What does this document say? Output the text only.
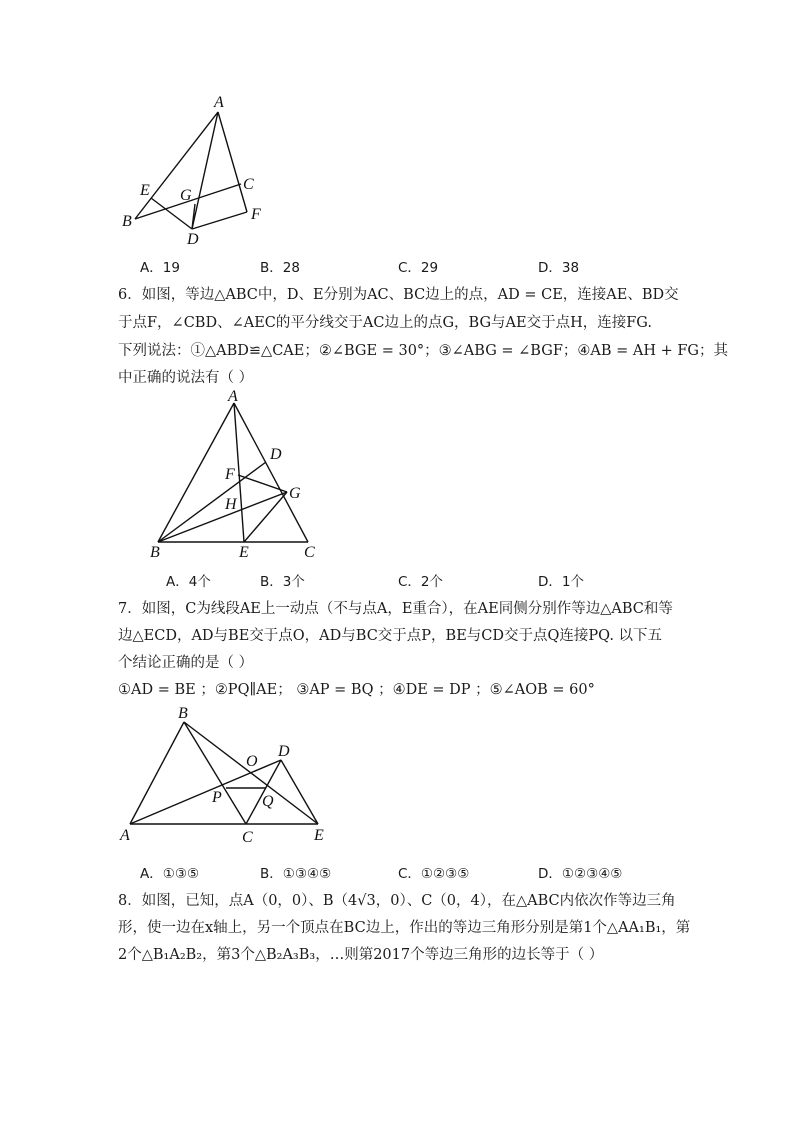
A
B
C
D
E
F
G
A．19	B．28	C．29	D．38
6．如图，等边△ABC中，D、E分别为AC、BC边上的点，AD = CE，连接AE、BD交
于点F，∠CBD、∠AEC的平分线交于AC边上的点G，BG与AE交于点H，连接FG.
下列说法：①△ABD≌△CAE；②∠BGE = 30°；③∠ABG = ∠BGF；④AB = AH + FG；其
中正确的说法有（ ）
A
B	C
D
E
F
G
H
A．4个	B．3个	C．2个	D．1个
7．如图，C为线段AE上一动点（不与点A，E重合），在AE同侧分别作等边△ABC和等
边△ECD，AD与BE交于点O，AD与BC交于点P，BE与CD交于点Q连接PQ. 以下五
个结论正确的是（ ）
①AD = BE ；②PQ∥AE； ③AP = BQ ；④DE = DP ；⑤∠AOB = 60°
A
B
C
D
E
O
P	Q
A．①③⑤	B．①③④⑤	C．①②③⑤	D．①②③④⑤
8．如图，已知，点A（0，0）、B（4√3，0）、C（0，4），在△ABC内依次作等边三角
形，使一边在x轴上，另一个顶点在BC边上，作出的等边三角形分别是第1个△AA₁B₁，第
2个△B₁A₂B₂，第3个△B₂A₃B₃，…则第2017个等边三角形的边长等于（ ）
